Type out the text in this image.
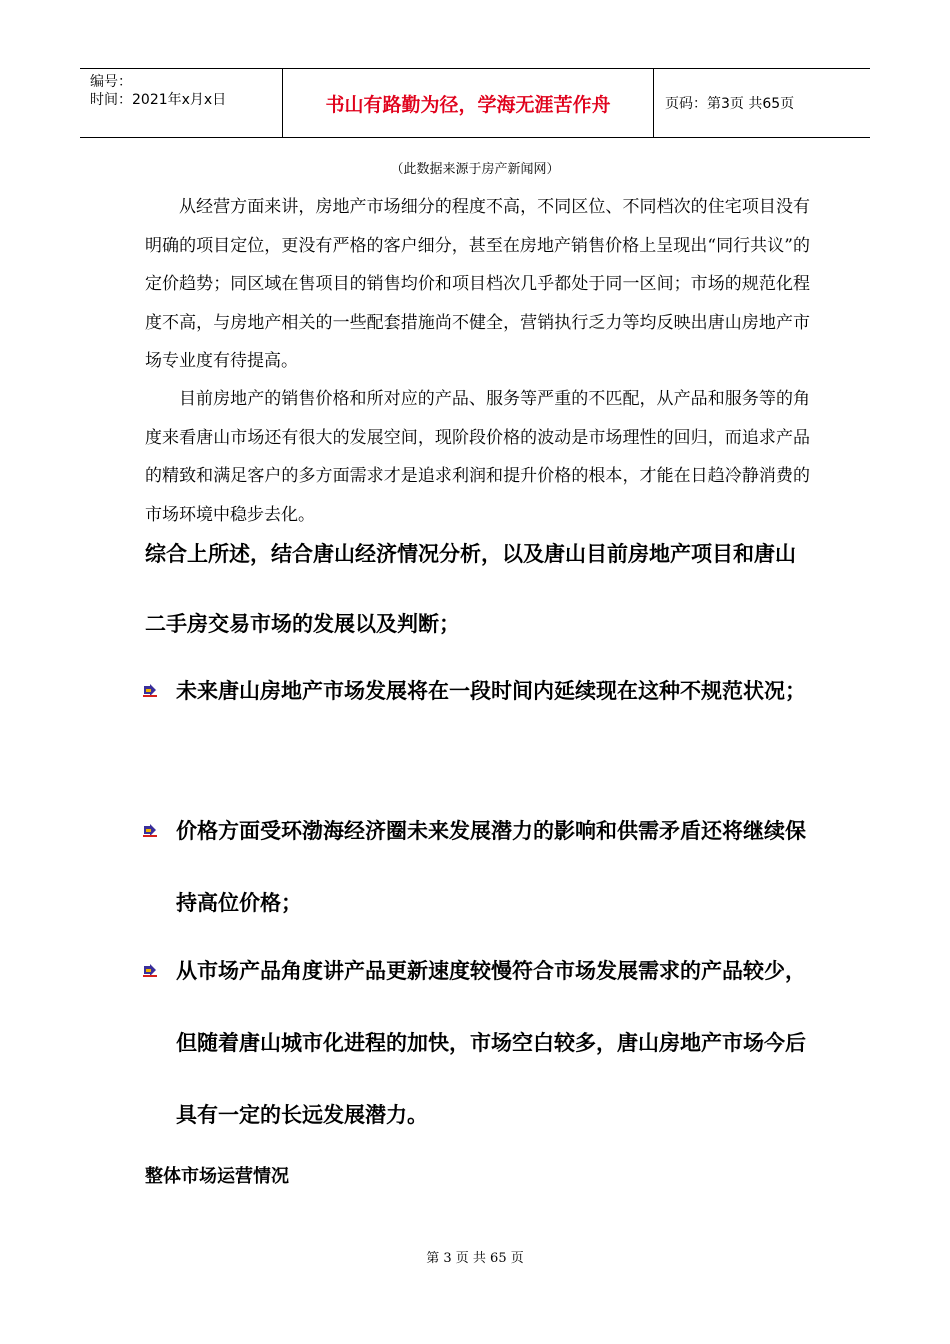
编号：
时间：2021年x月x日	书山有路勤为径，学海无涯苦作舟	页码：第3页 共65页
（此数据来源于房产新闻网）
从经营方面来讲，房地产市场细分的程度不高，不同区位、不同档次的住宅项目没有明确的项目定位，更没有严格的客户细分，甚至在房地产销售价格上呈现出“同行共议”的定价趋势；同区域在售项目的销售均价和项目档次几乎都处于同一区间；市场的规范化程度不高，与房地产相关的一些配套措施尚不健全，营销执行乏力等均反映出唐山房地产市场专业度有待提高。
目前房地产的销售价格和所对应的产品、服务等严重的不匹配，从产品和服务等的角度来看唐山市场还有很大的发展空间，现阶段价格的波动是市场理性的回归，而追求产品的精致和满足客户的多方面需求才是追求利润和提升价格的根本，才能在日趋冷静消费的市场环境中稳步去化。
综合上所述，结合唐山经济情况分析，以及唐山目前房地产项目和唐山二手房交易市场的发展以及判断；
未来唐山房地产市场发展将在一段时间内延续现在这种不规范状况；
价格方面受环渤海经济圈未来发展潜力的影响和供需矛盾还将继续保持高位价格；
从市场产品角度讲产品更新速度较慢符合市场发展需求的产品较少，但随着唐山城市化进程的加快，市场空白较多，唐山房地产市场今后具有一定的长远发展潜力。
整体市场运营情况
第 3 页 共 65 页
